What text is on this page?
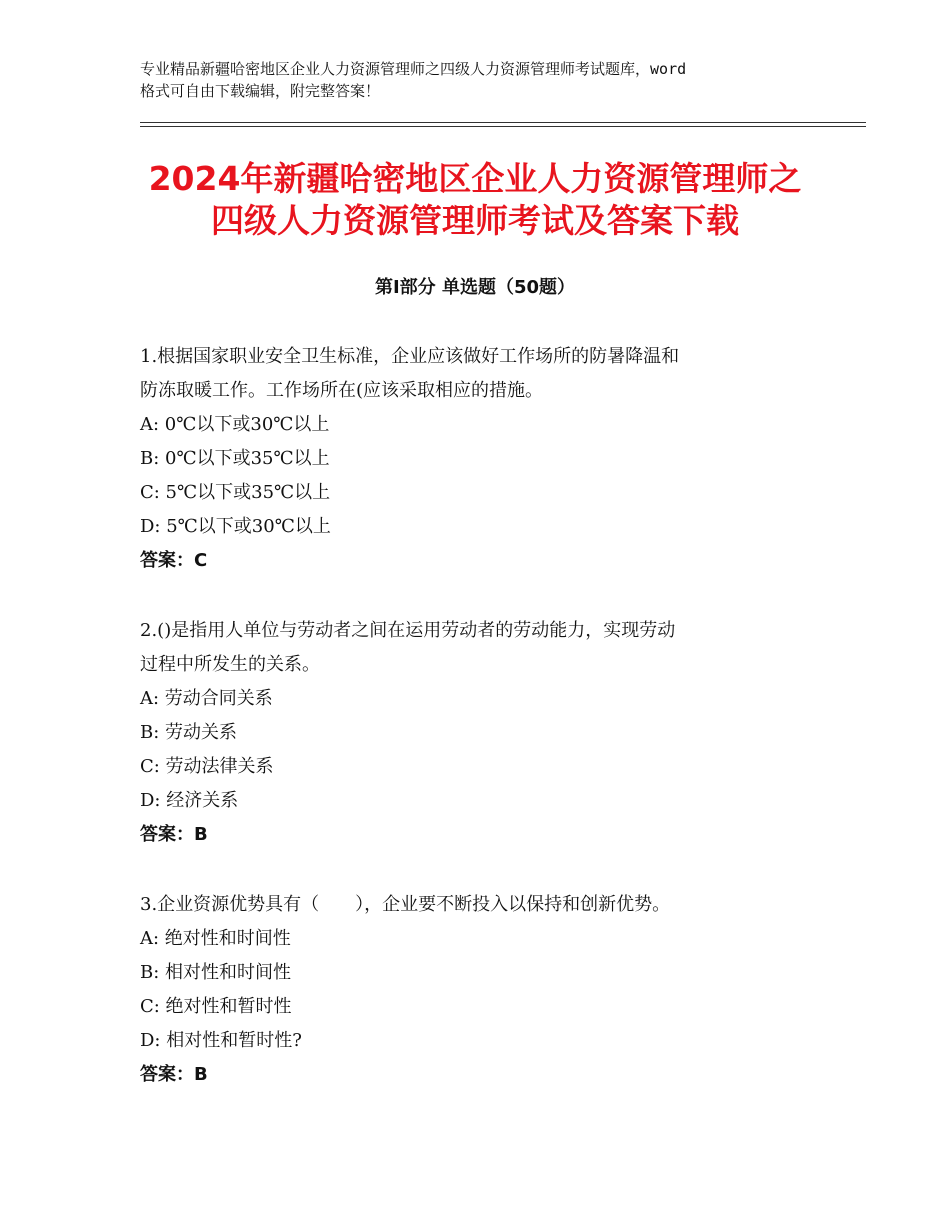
专业精品新疆哈密地区企业人力资源管理师之四级人力资源管理师考试题库，word
格式可自由下载编辑，附完整答案！
2024年新疆哈密地区企业人力资源管理师之
四级人力资源管理师考试及答案下载
第Ⅰ部分 单选题（50题）
1.根据国家职业安全卫生标准，企业应该做好工作场所的防暑降温和
防冻取暖工作。工作场所在(应该采取相应的措施。
A: 0℃以下或30℃以上
B: 0℃以下或35℃以上
C: 5℃以下或35℃以上
D: 5℃以下或30℃以上
答案：C
2.()是指用人单位与劳动者之间在运用劳动者的劳动能力，实现劳动
过程中所发生的关系。
A: 劳动合同关系
B: 劳动关系
C: 劳动法律关系
D: 经济关系
答案：B
3.企业资源优势具有（　　），企业要不断投入以保持和创新优势。
A: 绝对性和时间性
B: 相对性和时间性
C: 绝对性和暂时性
D: 相对性和暂时性?
答案：B
